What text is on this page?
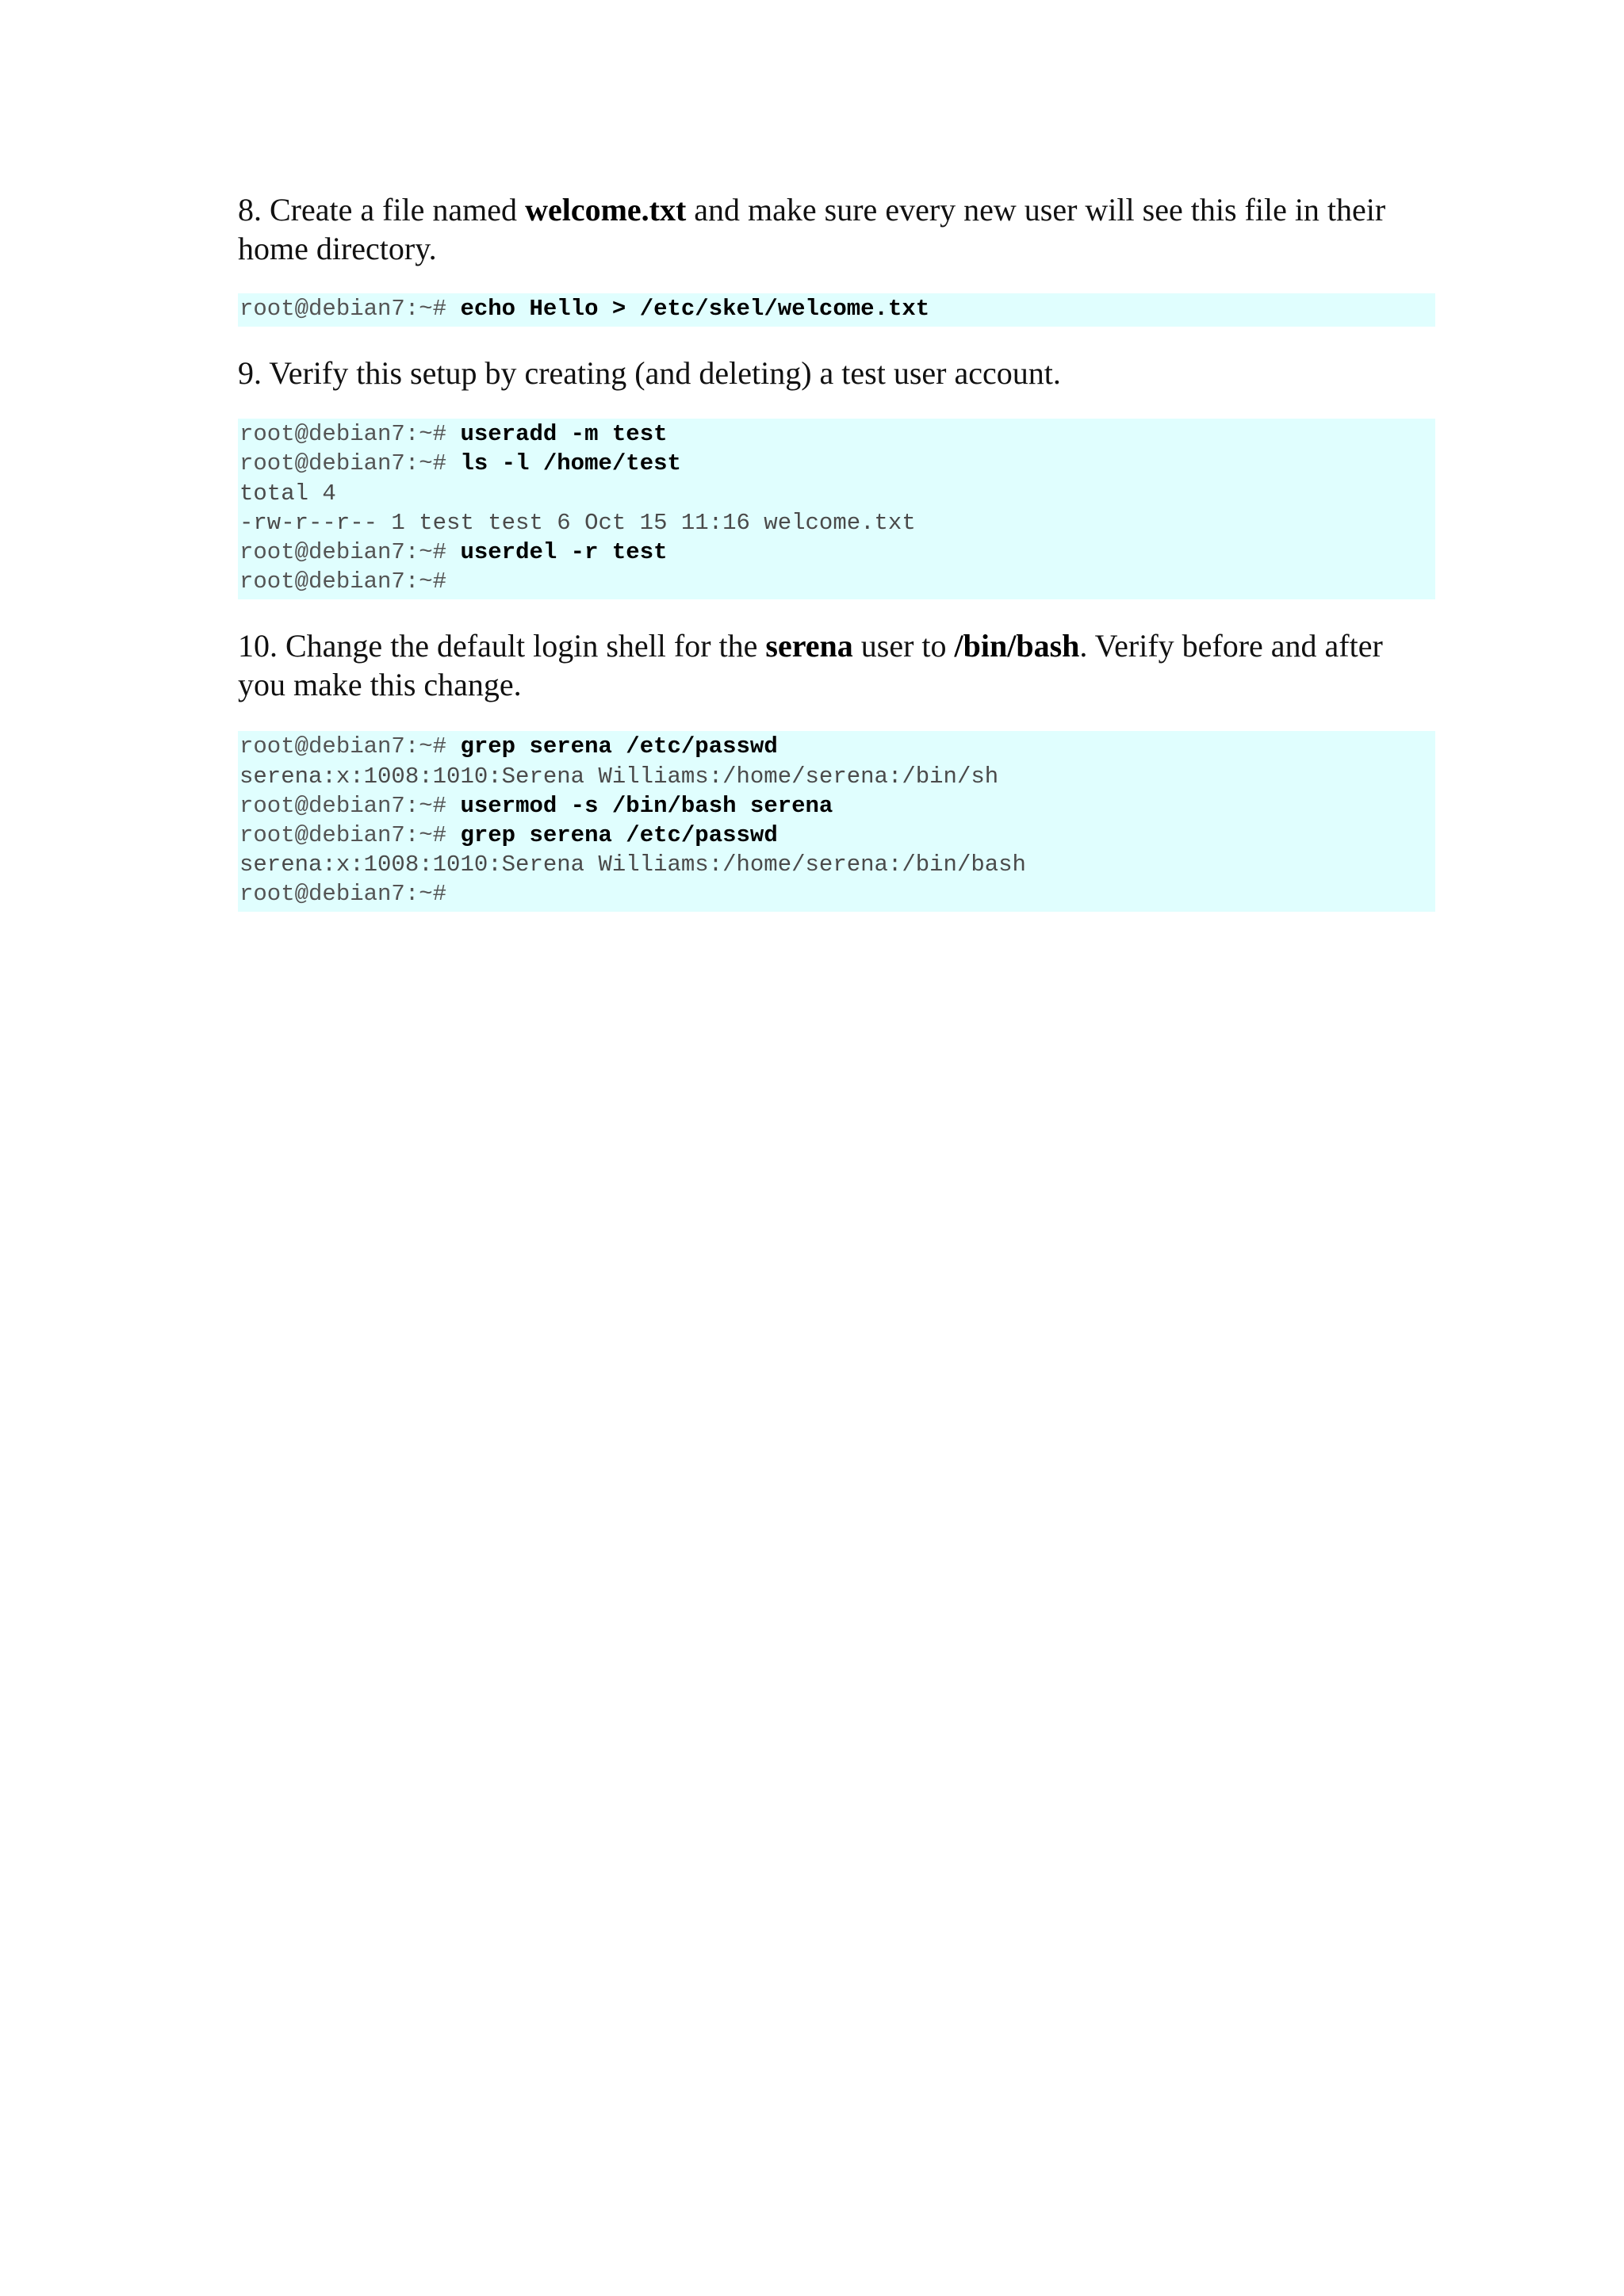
8. Create a file named welcome.txt and make sure every new user will see this file in their home directory.

root@debian7:~# echo Hello > /etc/skel/welcome.txt

9. Verify this setup by creating (and deleting) a test user account.

root@debian7:~# useradd -m test
root@debian7:~# ls -l /home/test
total 4
-rw-r--r-- 1 test test 6 Oct 15 11:16 welcome.txt
root@debian7:~# userdel -r test
root@debian7:~#

10. Change the default login shell for the serena user to /bin/bash. Verify before and after you make this change.

root@debian7:~# grep serena /etc/passwd
serena:x:1008:1010:Serena Williams:/home/serena:/bin/sh
root@debian7:~# usermod -s /bin/bash serena
root@debian7:~# grep serena /etc/passwd
serena:x:1008:1010:Serena Williams:/home/serena:/bin/bash
root@debian7:~#
